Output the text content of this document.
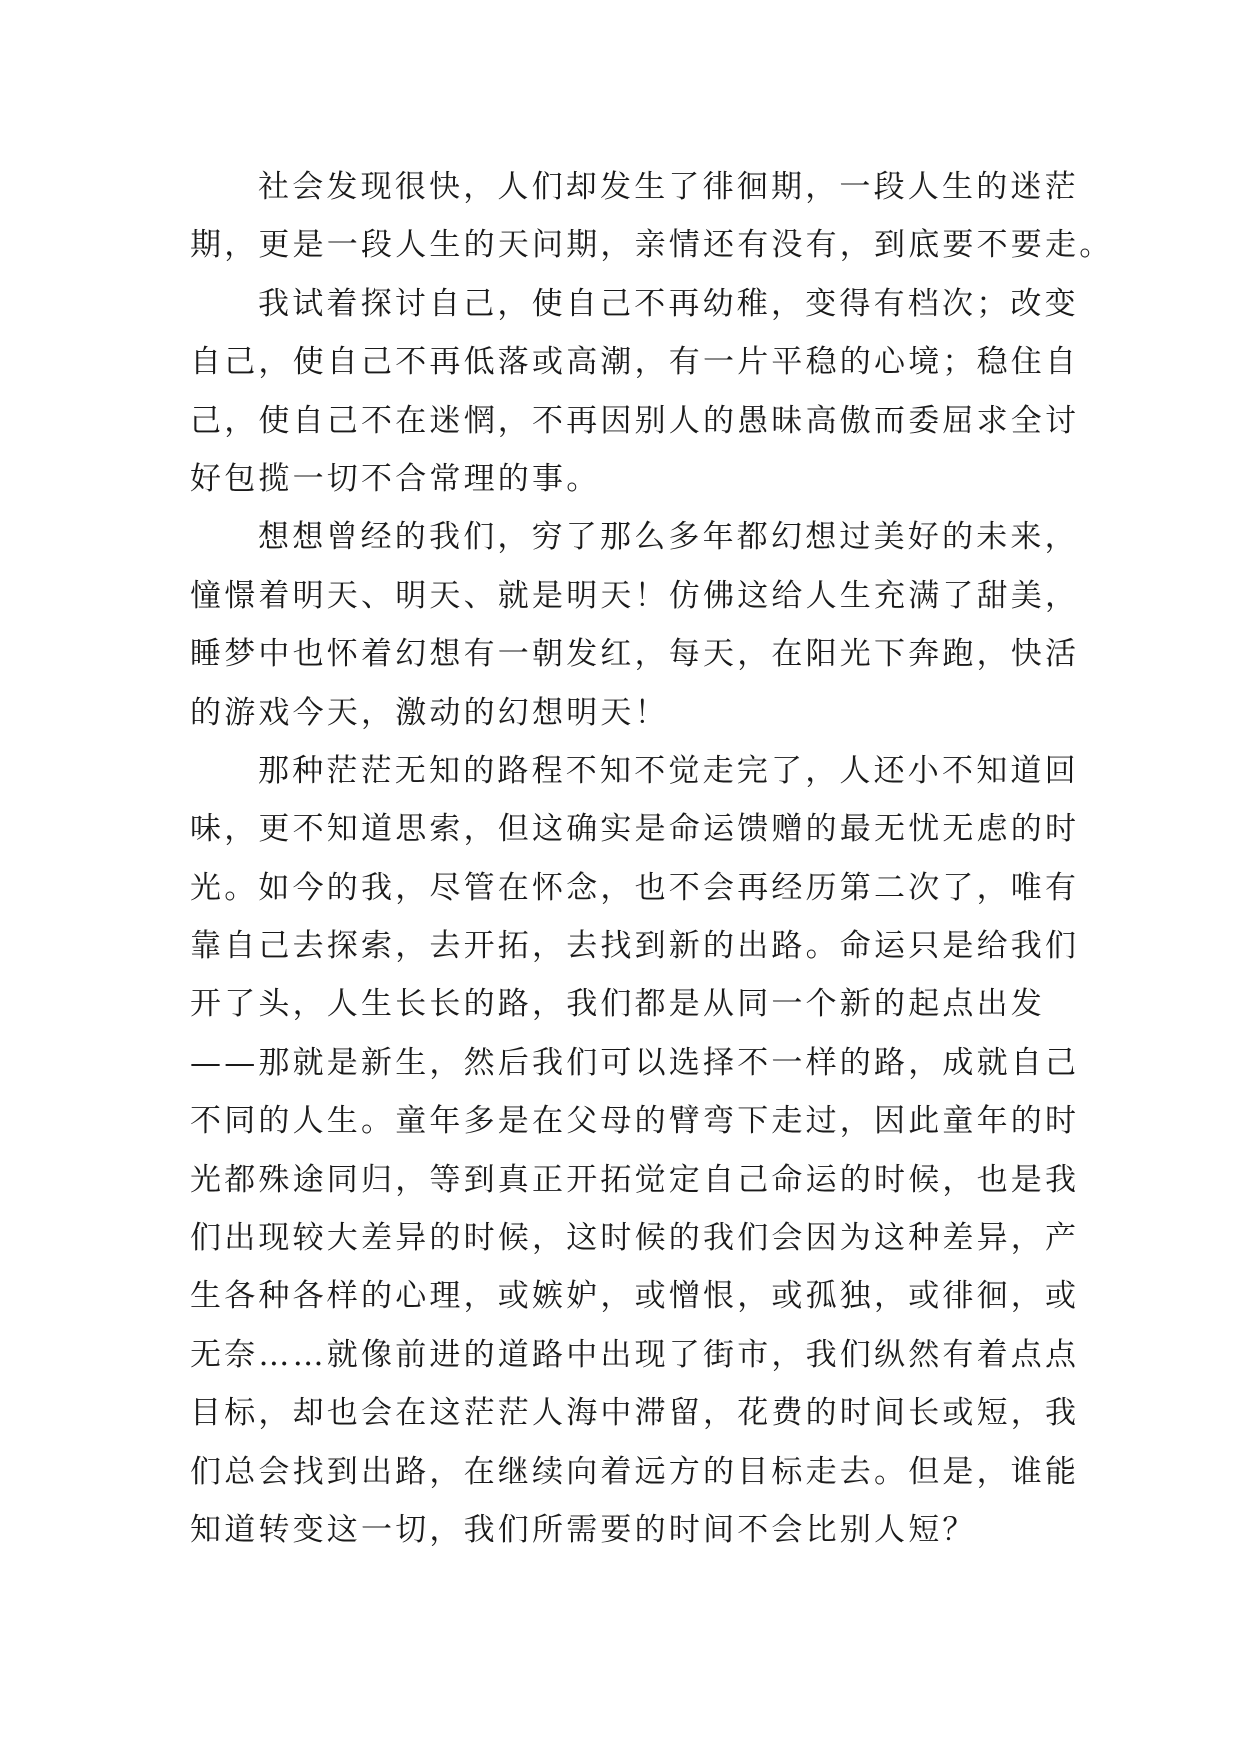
社会发现很快，人们却发生了徘徊期，一段人生的迷茫
期，更是一段人生的天问期，亲情还有没有，到底要不要走。
我试着探讨自己，使自己不再幼稚，变得有档次；改变
自己，使自己不再低落或高潮，有一片平稳的心境；稳住自
己，使自己不在迷惘，不再因别人的愚昧高傲而委屈求全讨
好包揽一切不合常理的事。
想想曾经的我们，穷了那么多年都幻想过美好的未来，
憧憬着明天、明天、就是明天！仿佛这给人生充满了甜美，
睡梦中也怀着幻想有一朝发红，每天，在阳光下奔跑，快活
的游戏今天，激动的幻想明天！
那种茫茫无知的路程不知不觉走完了，人还小不知道回
味，更不知道思索，但这确实是命运馈赠的最无忧无虑的时
光。如今的我，尽管在怀念，也不会再经历第二次了，唯有
靠自己去探索，去开拓，去找到新的出路。命运只是给我们
开了头，人生长长的路，我们都是从同一个新的起点出发
——那就是新生，然后我们可以选择不一样的路，成就自己
不同的人生。童年多是在父母的臂弯下走过，因此童年的时
光都殊途同归，等到真正开拓觉定自己命运的时候，也是我
们出现较大差异的时候，这时候的我们会因为这种差异，产
生各种各样的心理，或嫉妒，或憎恨，或孤独，或徘徊，或
无奈……就像前进的道路中出现了街市，我们纵然有着点点
目标，却也会在这茫茫人海中滞留，花费的时间长或短，我
们总会找到出路，在继续向着远方的目标走去。但是，谁能
知道转变这一切，我们所需要的时间不会比别人短？
